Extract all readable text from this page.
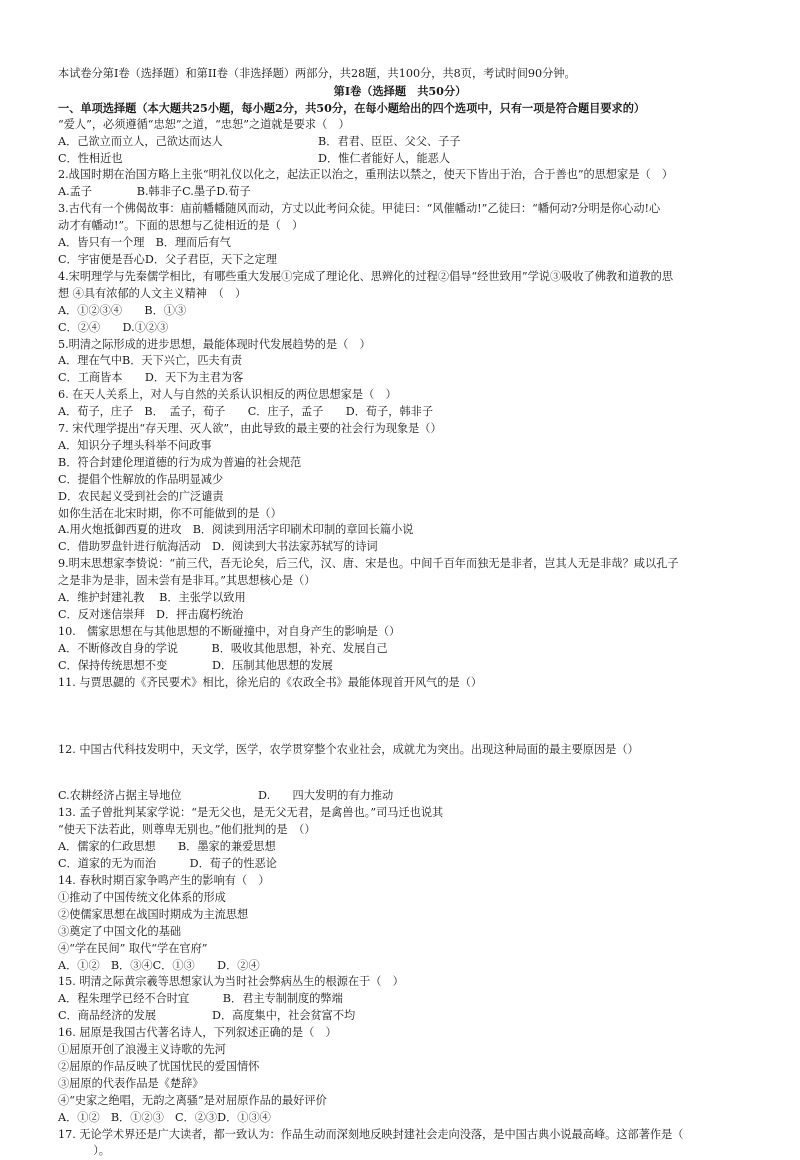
本试卷分第I卷（选择题）和第II卷（非选择题）两部分，共28题，共100分，共8页，考试时间90分钟。
第Ⅰ卷（选择题　共50分）
一、单项选择题（本大题共25小题，每小题2分，共50分，在每小题给出的四个选项中，只有一项是符合题目要求的）
“爱人”，必须遵循“忠恕”之道，“忠恕”之道就是要求（　）
A．己欲立而立人，己欲达而达人	B．君君、臣臣、父父、子子
C．性相近也	D．惟仁者能好人，能恶人
2.战国时期在治国方略上主张“明礼仪以化之，起法正以治之，重刑法以禁之，使天下皆出于治，合于善也”的思想家是（　）
A.孟子　　　　B.韩非子C.墨子D.荀子
3.古代有一个佛偈故事：庙前幡幡随风而动，方丈以此考问众徒。甲徒曰：“风催幡动!”乙徒曰：“幡何动?分明是你心动!心
动才有幡动!”。下面的思想与乙徒相近的是（　）
A．皆只有一个理　B．理而后有气
C．宇宙便是吾心D．父子君臣，天下之定理
4.宋明理学与先秦儒学相比，有哪些重大发展①完成了理论化、思辨化的过程②倡导“经世致用”学说③吸收了佛教和道教的思
想 ④具有浓郁的人文主义精神　（　）
A．①②③④　　B．①③
C．②④　　D.①②③
5.明清之际形成的进步思想，最能体现时代发展趋势的是（　）
A．理在气中B．天下兴亡，匹夫有责
C．工商皆本　　D．天下为主君为客
6. 在天人关系上，对人与自然的关系认识相反的两位思想家是（　）
A．荀子，庄子　B．　孟子，荀子　　C．庄子，孟子　　D．荀子，韩非子
7. 宋代理学提出“存天理、灭人欲”，由此导致的最主要的社会行为现象是（）
A．知识分子埋头科举不问政事
B．符合封建伦理道德的行为成为普遍的社会规范
C．提倡个性解放的作品明显减少
D．农民起义受到社会的广泛谴责
如你生活在北宋时期，你不可能做到的是（）
A.用火炮抵御西夏的进攻　B．阅读到用活字印刷术印制的章回长篇小说
C．借助罗盘针进行航海活动　D．阅读到大书法家苏轼写的诗词
9.明末思想家李贽说：“前三代，吾无论矣，后三代，汉、唐、宋是也。中间千百年而独无是非者，岂其人无是非哉？咸以孔子
之是非为是非，固未尝有是非耳。”其思想核心是（）
A．维护封建礼教　 B．主张学以致用
C．反对迷信崇拜　D．抨击腐朽统治
10.　儒家思想在与其他思想的不断碰撞中，对自身产生的影响是（）
A．不断修改自身的学说　　　B．吸收其他思想，补充、发展自己
C．保持传统思想不变　　　　D．压制其他思想的发展
11. 与贾思勰的《齐民要术》相比，徐光启的《农政全书》最能体现首开风气的是（）
12. 中国古代科技发明中，天文学，医学，农学贯穿整个农业社会，成就尤为突出。出现这种局面的最主要原因是（）
C.农耕经济占据主导地位	D.　　四大发明的有力推动
13. 孟子曾批判某家学说：“是无父也，是无父无君，是禽兽也。”司马迁也说其
“使天下法若此，则尊卑无别也。”他们批判的是　（）
A．儒家的仁政思想　　B．墨家的兼爱思想
C．道家的无为而治　　　D．荀子的性恶论
14. 春秋时期百家争鸣产生的影响有（　）
①推动了中国传统文化体系的形成
②使儒家思想在战国时期成为主流思想
③奠定了中国文化的基础
④“学在民间” 取代“学在官府”
A．①②　B．③④C．①③　　D．②④
15. 明清之际黄宗羲等思想家认为当时社会弊病丛生的根源在于（　）
A．程朱理学已经不合时宜　　　B．君主专制制度的弊端
C．商品经济的发展　　　　　D．高度集中，社会贫富不均
16. 屈原是我国古代著名诗人，下列叙述正确的是（　）
①屈原开创了浪漫主义诗歌的先河
②屈原的作品反映了忧国忧民的爱国情怀
③屈原的代表作品是《楚辞》
④“史家之绝唱，无韵之离骚”是对屈原作品的最好评价
A．①②　B．①②③　C．②③D．①③④
17. 无论学术界还是广大读者，都一致认为：作品生动而深刻地反映封建社会走向没落，是中国古典小说最高峰。这部著作是（
　）。
